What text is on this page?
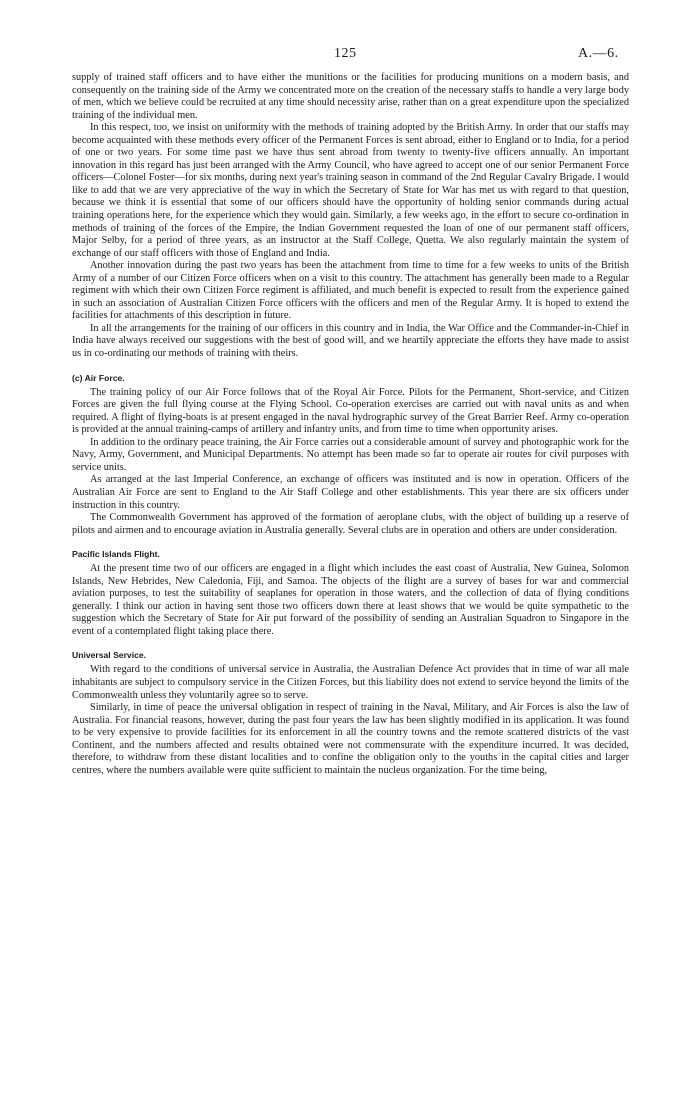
125	A.—6.

supply of trained staff officers and to have either the munitions or the facilities for producing munitions on a modern basis, and consequently on the training side of the Army we concentrated more on the creation of the necessary staffs to handle a very large body of men, which we believe could be recruited at any time should necessity arise, rather than on a great expenditure upon the specialized training of the individual men.

In this respect, too, we insist on uniformity with the methods of training adopted by the British Army. In order that our staffs may become acquainted with these methods every officer of the Permanent Forces is sent abroad, either to England or to India, for a period of one or two years. For some time past we have thus sent abroad from twenty to twenty-five officers annually. An important innovation in this regard has just been arranged with the Army Council, who have agreed to accept one of our senior Permanent Force officers—Colonel Foster—for six months, during next year's training season in command of the 2nd Regular Cavalry Brigade. I would like to add that we are very appreciative of the way in which the Secretary of State for War has met us with regard to that question, because we think it is essential that some of our officers should have the opportunity of holding senior commands during actual training operations here, for the experience which they would gain. Similarly, a few weeks ago, in the effort to secure co-ordination in methods of training of the forces of the Empire, the Indian Government requested the loan of one of our permanent staff officers, Major Selby, for a period of three years, as an instructor at the Staff College, Quetta. We also regularly maintain the system of exchange of our staff officers with those of England and India.

Another innovation during the past two years has been the attachment from time to time for a few weeks to units of the British Army of a number of our Citizen Force officers when on a visit to this country. The attachment has generally been made to a Regular regiment with which their own Citizen Force regiment is affiliated, and much benefit is expected to result from the experience gained in such an association of Australian Citizen Force officers with the officers and men of the Regular Army. It is hoped to extend the facilities for attachments of this description in future.

In all the arrangements for the training of our officers in this country and in India, the War Office and the Commander-in-Chief in India have always received our suggestions with the best of good will, and we heartily appreciate the efforts they have made to assist us in co-ordinating our methods of training with theirs.

(c) Air Force.

The training policy of our Air Force follows that of the Royal Air Force. Pilots for the Permanent, Short-service, and Citizen Forces are given the full flying course at the Flying School. Co-operation exercises are carried out with naval units as and when required. A flight of flying-boats is at present engaged in the naval hydrographic survey of the Great Barrier Reef. Army co-operation is provided at the annual training-camps of artillery and infantry units, and from time to time when opportunity arises.

In addition to the ordinary peace training, the Air Force carries out a considerable amount of survey and photographic work for the Navy, Army, Government, and Municipal Departments. No attempt has been made so far to operate air routes for civil purposes with service units.

As arranged at the last Imperial Conference, an exchange of officers was instituted and is now in operation. Officers of the Australian Air Force are sent to England to the Air Staff College and other establishments. This year there are six officers under instruction in this country.

The Commonwealth Government has approved of the formation of aeroplane clubs, with the object of building up a reserve of pilots and airmen and to encourage aviation in Australia generally. Several clubs are in operation and others are under consideration.

Pacific Islands Flight.

At the present time two of our officers are engaged in a flight which includes the east coast of Australia, New Guinea, Solomon Islands, New Hebrides, New Caledonia, Fiji, and Samoa. The objects of the flight are a survey of bases for war and commercial aviation purposes, to test the suitability of seaplanes for operation in those waters, and the collection of data of flying conditions generally. I think our action in having sent those two officers down there at least shows that we would be quite sympathetic to the suggestion which the Secretary of State for Air put forward of the possibility of sending an Australian Squadron to Singapore in the event of a contemplated flight taking place there.

Universal Service.

With regard to the conditions of universal service in Australia, the Australian Defence Act provides that in time of war all male inhabitants are subject to compulsory service in the Citizen Forces, but this liability does not extend to service beyond the limits of the Commonwealth unless they voluntarily agree so to serve.

Similarly, in time of peace the universal obligation in respect of training in the Naval, Military, and Air Forces is also the law of Australia. For financial reasons, however, during the past four years the law has been slightly modified in its application. It was found to be very expensive to provide facilities for its enforcement in all the country towns and the remote scattered districts of the vast Continent, and the numbers affected and results obtained were not commensurate with the expenditure incurred. It was decided, therefore, to withdraw from these distant localities and to confine the obligation only to the youths in the capital cities and larger centres, where the numbers available were quite sufficient to maintain the nucleus organization. For the time being,
